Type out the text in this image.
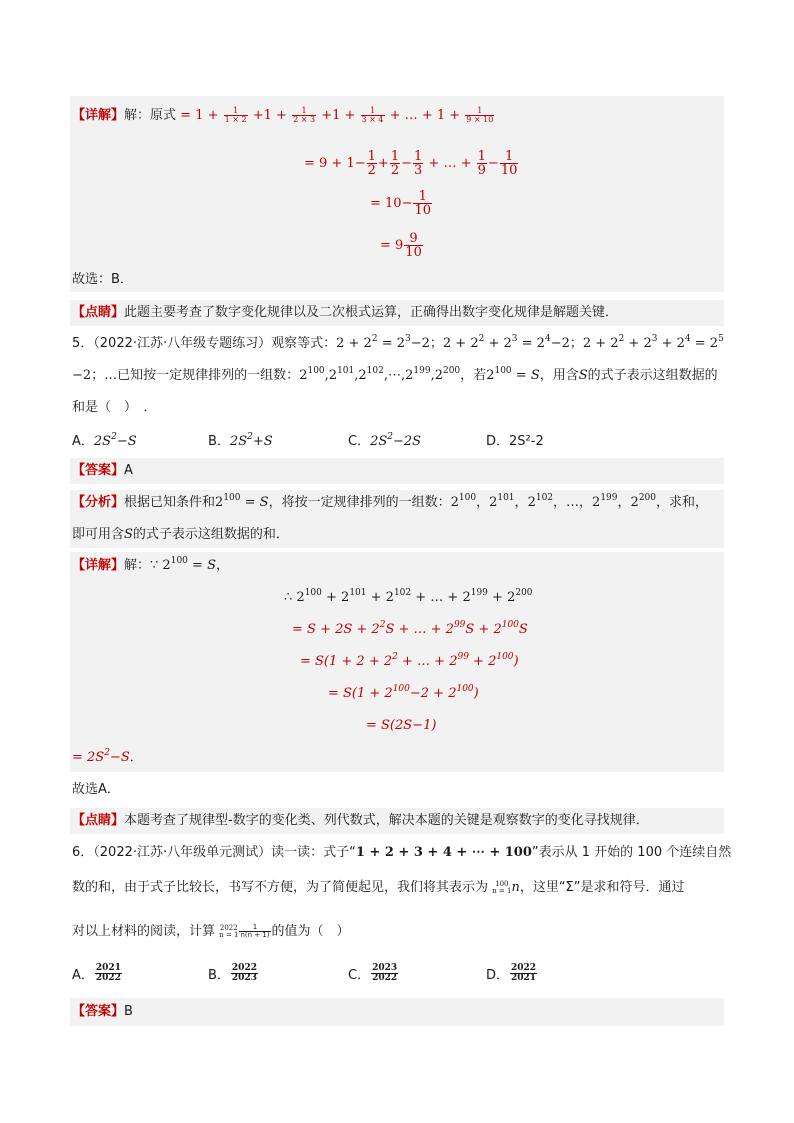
【详解】解：原式 = $1 + \frac{1}{1 \times 2} +1 + \frac{1}{2 \times 3} +1 + \frac{1}{3 \times 4}$ + … + $1 + \frac{1}{9 \times 10}$
= $9 + 1- \frac{1}{2} + \frac{1}{2} - \frac{1}{3}$ + … + $\frac{1}{9} - \frac{1}{10}$
= $10- \frac{1}{10}$
= $9 \frac{9}{10}$
故选：B．
【点睛】此题主要考查了数字变化规律以及二次根式运算，正确得出数字变化规律是解题关键．
5．（2022·江苏·八年级专题练习）观察等式：$2 + 2^2 = 2^3-2$；$2 + 2^2 + 2^3 = 2^4-2$；$2 + 2^2 + 2^3 + 2^4 = 2^5$
−2；…已知按一定规律排列的一组数：$2^{100},2^{101},2^{102},\cdots,2^{199},2^{200}$，若$2^{100} = S$，用含S的式子表示这组数据的
和是（　）　．
A．$2S^2-S$	B．$2S^2+S$	C．$2S^2-2S$	D．2S²-2
【答案】A
【分析】根据已知条件和$2^{100} = S$，将按一定规律排列的一组数：$2^{100}$，$2^{101}$，$2^{102}$，…，$2^{199}$，$2^{200}$，求和，
即可用含S的式子表示这组数据的和．
【详解】解：∵ $2^{100} = S$，
∴ $2^{100} + 2^{101} + 2^{102}$ + … + $2^{199} + 2^{200}$
= $S + 2S + 2^2S$ + … + $2^{99}S + 2^{100}S$
= $S(1 + 2 + 2^2$ + … + $2^{99} + 2^{100}$)
= $S(1 + 2^{100}-2 + 2^{100})$
= S(2S−1)
= $2S^2-S$．
故选A．
【点睛】本题考查了规律型-数字的变化类、列代数式，解决本题的关键是观察数字的变化寻找规律．
6．（2022·江苏·八年级单元测试）读一读：式子“1 + 2 + 3 + 4 + ⋯ + 100”表示从 1 开始的 100 个连续自然
数的和，由于式子比较长，书写不方便，为了简便起见，我们将其表示为	100
n = 1 n，这里“Σ”是求和符号．通过
对以上材料的阅读，计算 2022
$n = 1 \frac{1}{n(n + 1)}$ 的值为（　）
A． $\frac{2021}{2022}$	B． $\frac{2022}{2023}$	C． $\frac{2023}{2022}$	D． $\frac{2022}{2021}$
【答案】B
